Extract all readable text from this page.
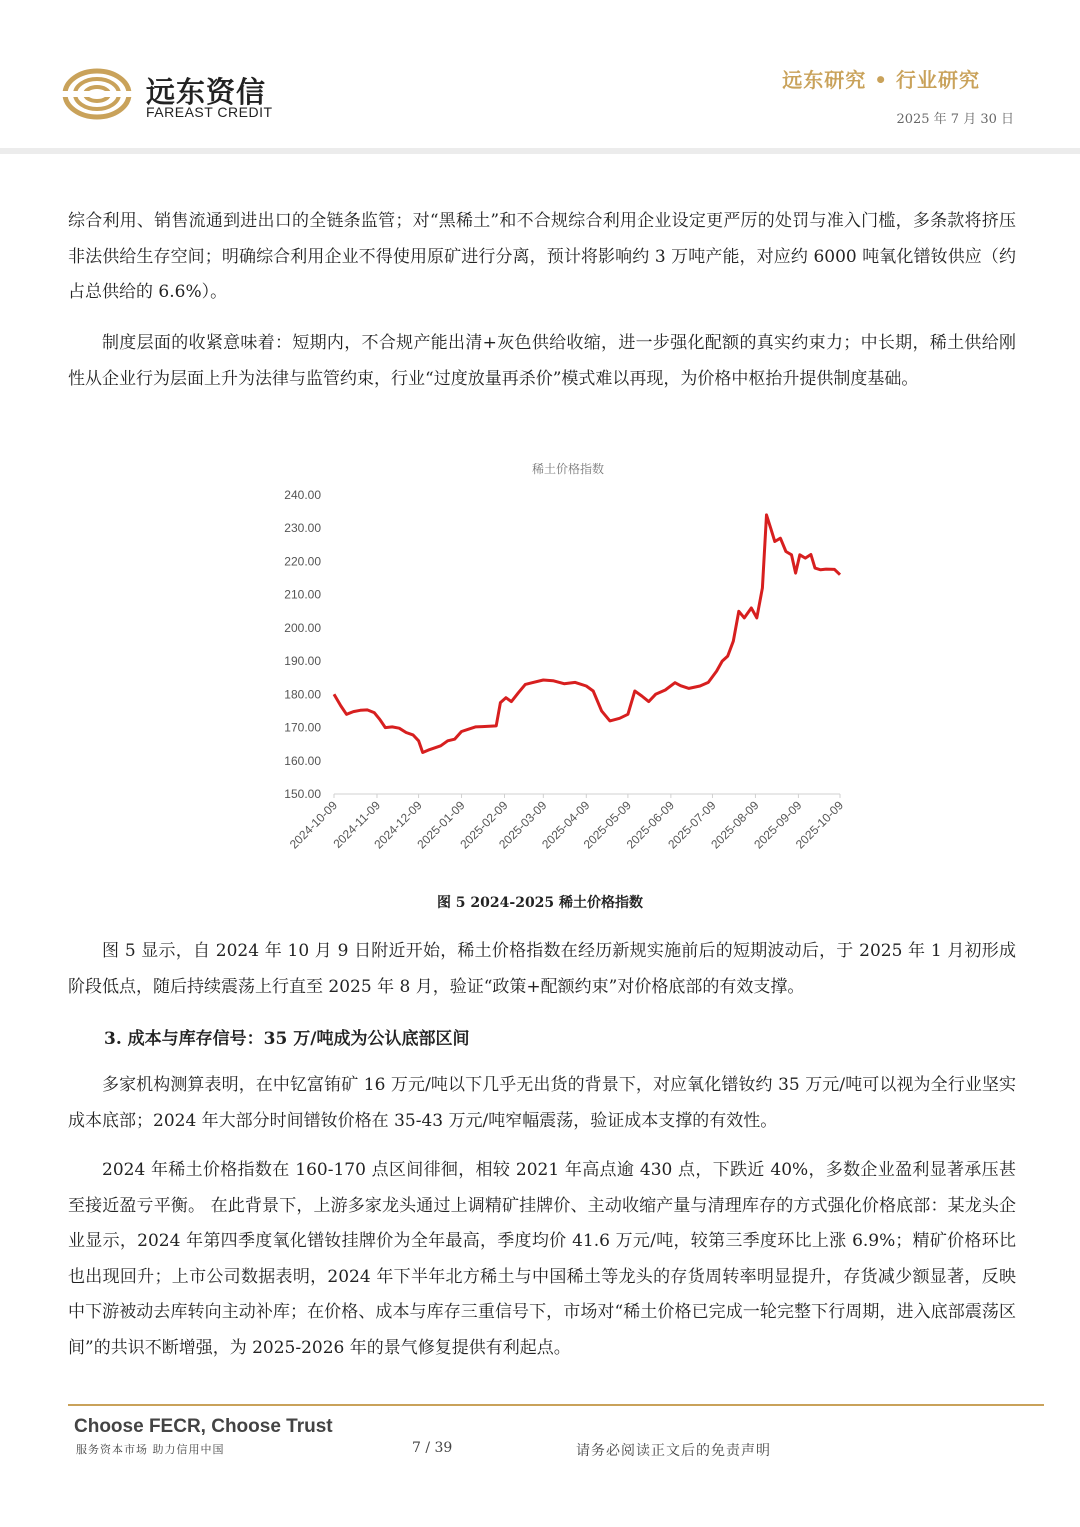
远东资信
FAREAST CREDIT
远东研究 • 行业研究
2025 年 7 月 30 日

综合利用、销售流通到进出口的全链条监管；对“黑稀土”和不合规综合利用企业设定更严厉的处罚与准入门槛，多条款将挤压非法供给生存空间；明确综合利用企业不得使用原矿进行分离，预计将影响约 3 万吨产能，对应约 6000 吨氧化镨钕供应（约占总供给的 6.6%）。

制度层面的收紧意味着：短期内，不合规产能出清+灰色供给收缩，进一步强化配额的真实约束力；中长期，稀土供给刚性从企业行为层面上升为法律与监管约束，行业“过度放量再杀价”模式难以再现，为价格中枢抬升提供制度基础。

稀土价格指数
150.00
160.00
170.00
180.00
190.00
200.00
210.00
220.00
230.00
240.00
2024-10-09
2024-11-09
2024-12-09
2025-01-09
2025-02-09
2025-03-09
2025-04-09
2025-05-09
2025-06-09
2025-07-09
2025-08-09
2025-09-09
2025-10-09
图 5 2024-2025 稀土价格指数

图 5 显示，自 2024 年 10 月 9 日附近开始，稀土价格指数在经历新规实施前后的短期波动后，于 2025 年 1 月初形成阶段低点，随后持续震荡上行直至 2025 年 8 月，验证“政策+配额约束”对价格底部的有效支撑。

3. 成本与库存信号：35 万/吨成为公认底部区间

多家机构测算表明，在中钇富铕矿 16 万元/吨以下几乎无出货的背景下，对应氧化镨钕约 35 万元/吨可以视为全行业坚实成本底部；2024 年大部分时间镨钕价格在 35-43 万元/吨窄幅震荡，验证成本支撑的有效性。

2024 年稀土价格指数在 160-170 点区间徘徊，相较 2021 年高点逾 430 点，下跌近 40%，多数企业盈利显著承压甚至接近盈亏平衡。 在此背景下，上游多家龙头通过上调精矿挂牌价、主动收缩产量与清理库存的方式强化价格底部：某龙头企业显示，2024 年第四季度氧化镨钕挂牌价为全年最高，季度均价 41.6 万元/吨，较第三季度环比上涨 6.9%；精矿价格环比也出现回升；上市公司数据表明，2024 年下半年北方稀土与中国稀土等龙头的存货周转率明显提升，存货减少额显著，反映中下游被动去库转向主动补库；在价格、成本与库存三重信号下，市场对“稀土价格已完成一轮完整下行周期，进入底部震荡区间”的共识不断增强，为 2025-2026 年的景气修复提供有利起点。

Choose FECR, Choose Trust
服务资本市场 助力信用中国	7 / 39	请务必阅读正文后的免责声明
